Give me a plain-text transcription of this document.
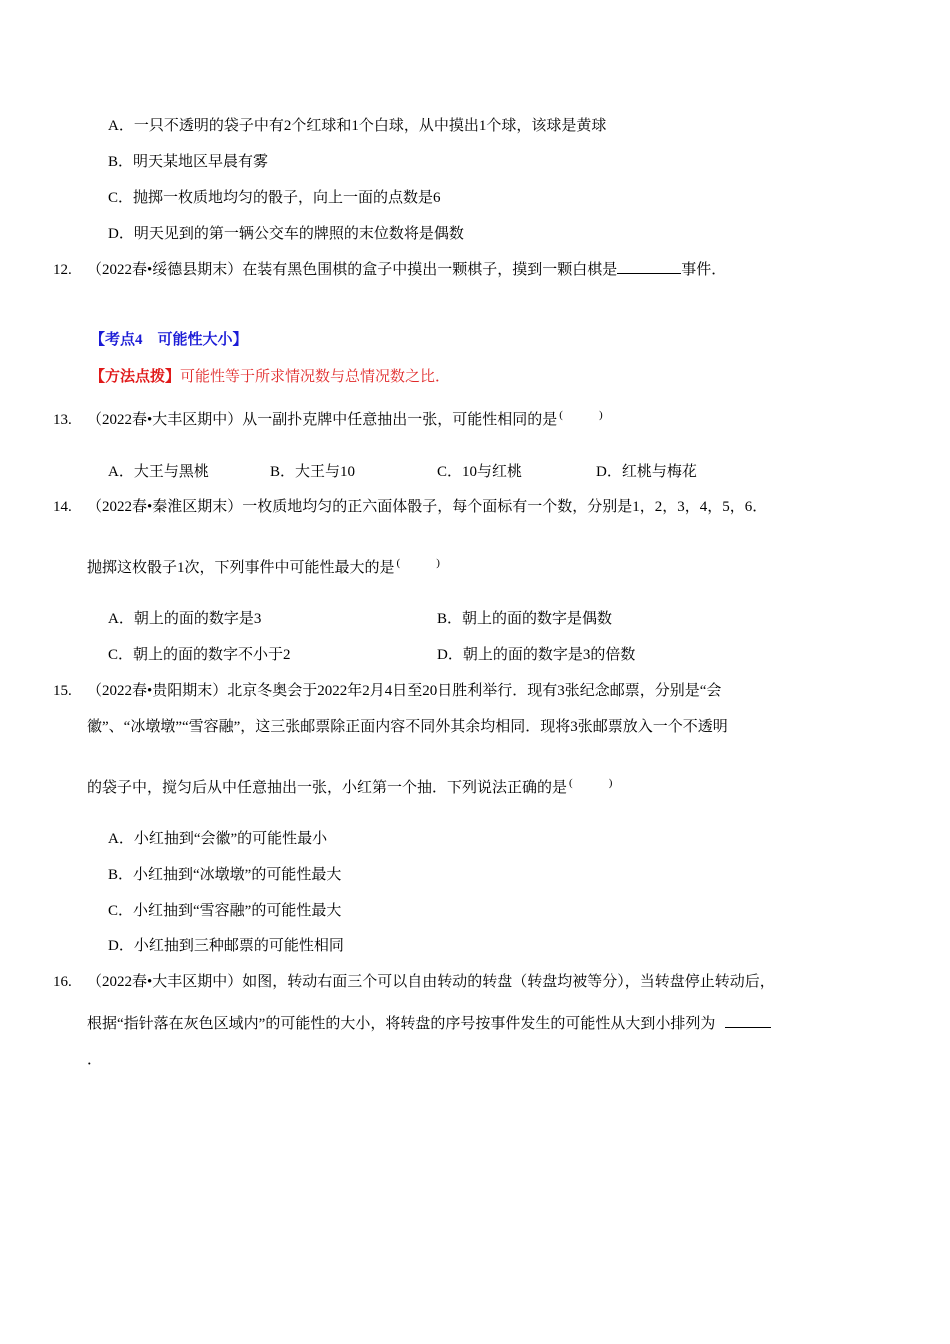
A．一只不透明的袋子中有2个红球和1个白球，从中摸出1个球，该球是黄球
B．明天某地区早晨有雾
C．抛掷一枚质地均匀的骰子，向上一面的点数是6
D．明天见到的第一辆公交车的牌照的末位数将是偶数
12. （2022春•绥德县期末）在装有黑色围棋的盒子中摸出一颗棋子，摸到一颗白棋是	事件．
【考点4　可能性大小】
【方法点拨】可能性等于所求情况数与总情况数之比．
13. （2022春•大丰区期中）从一副扑克牌中任意抽出一张，可能性相同的是 (	)
A．大王与黑桃	B．大王与10	C．10与红桃	D．红桃与梅花
14. （2022春•秦淮区期末）一枚质地均匀的正六面体骰子，每个面标有一个数，分别是1，2，3，4，5，6．
抛掷这枚骰子1次，下列事件中可能性最大的是 (	)
A．朝上的面的数字是3	B．朝上的面的数字是偶数
C．朝上的面的数字不小于2	D．朝上的面的数字是3的倍数
15. （2022春•贵阳期末）北京冬奥会于2022年2月4日至20日胜利举行．现有3张纪念邮票，分别是“会
徽”、“冰墩墩”“雪容融”，这三张邮票除正面内容不同外其余均相同．现将3张邮票放入一个不透明
的袋子中，搅匀后从中任意抽出一张，小红第一个抽．下列说法正确的是 (	)
A．小红抽到“会徽”的可能性最小
B．小红抽到“冰墩墩”的可能性最大
C．小红抽到“雪容融”的可能性最大
D．小红抽到三种邮票的可能性相同
16. （2022春•大丰区期中）如图，转动右面三个可以自由转动的转盘（转盘均被等分），当转盘停止转动后，
根据“指针落在灰色区域内”的可能性的大小，将转盘的序号按事件发生的可能性从大到小排列为
．
